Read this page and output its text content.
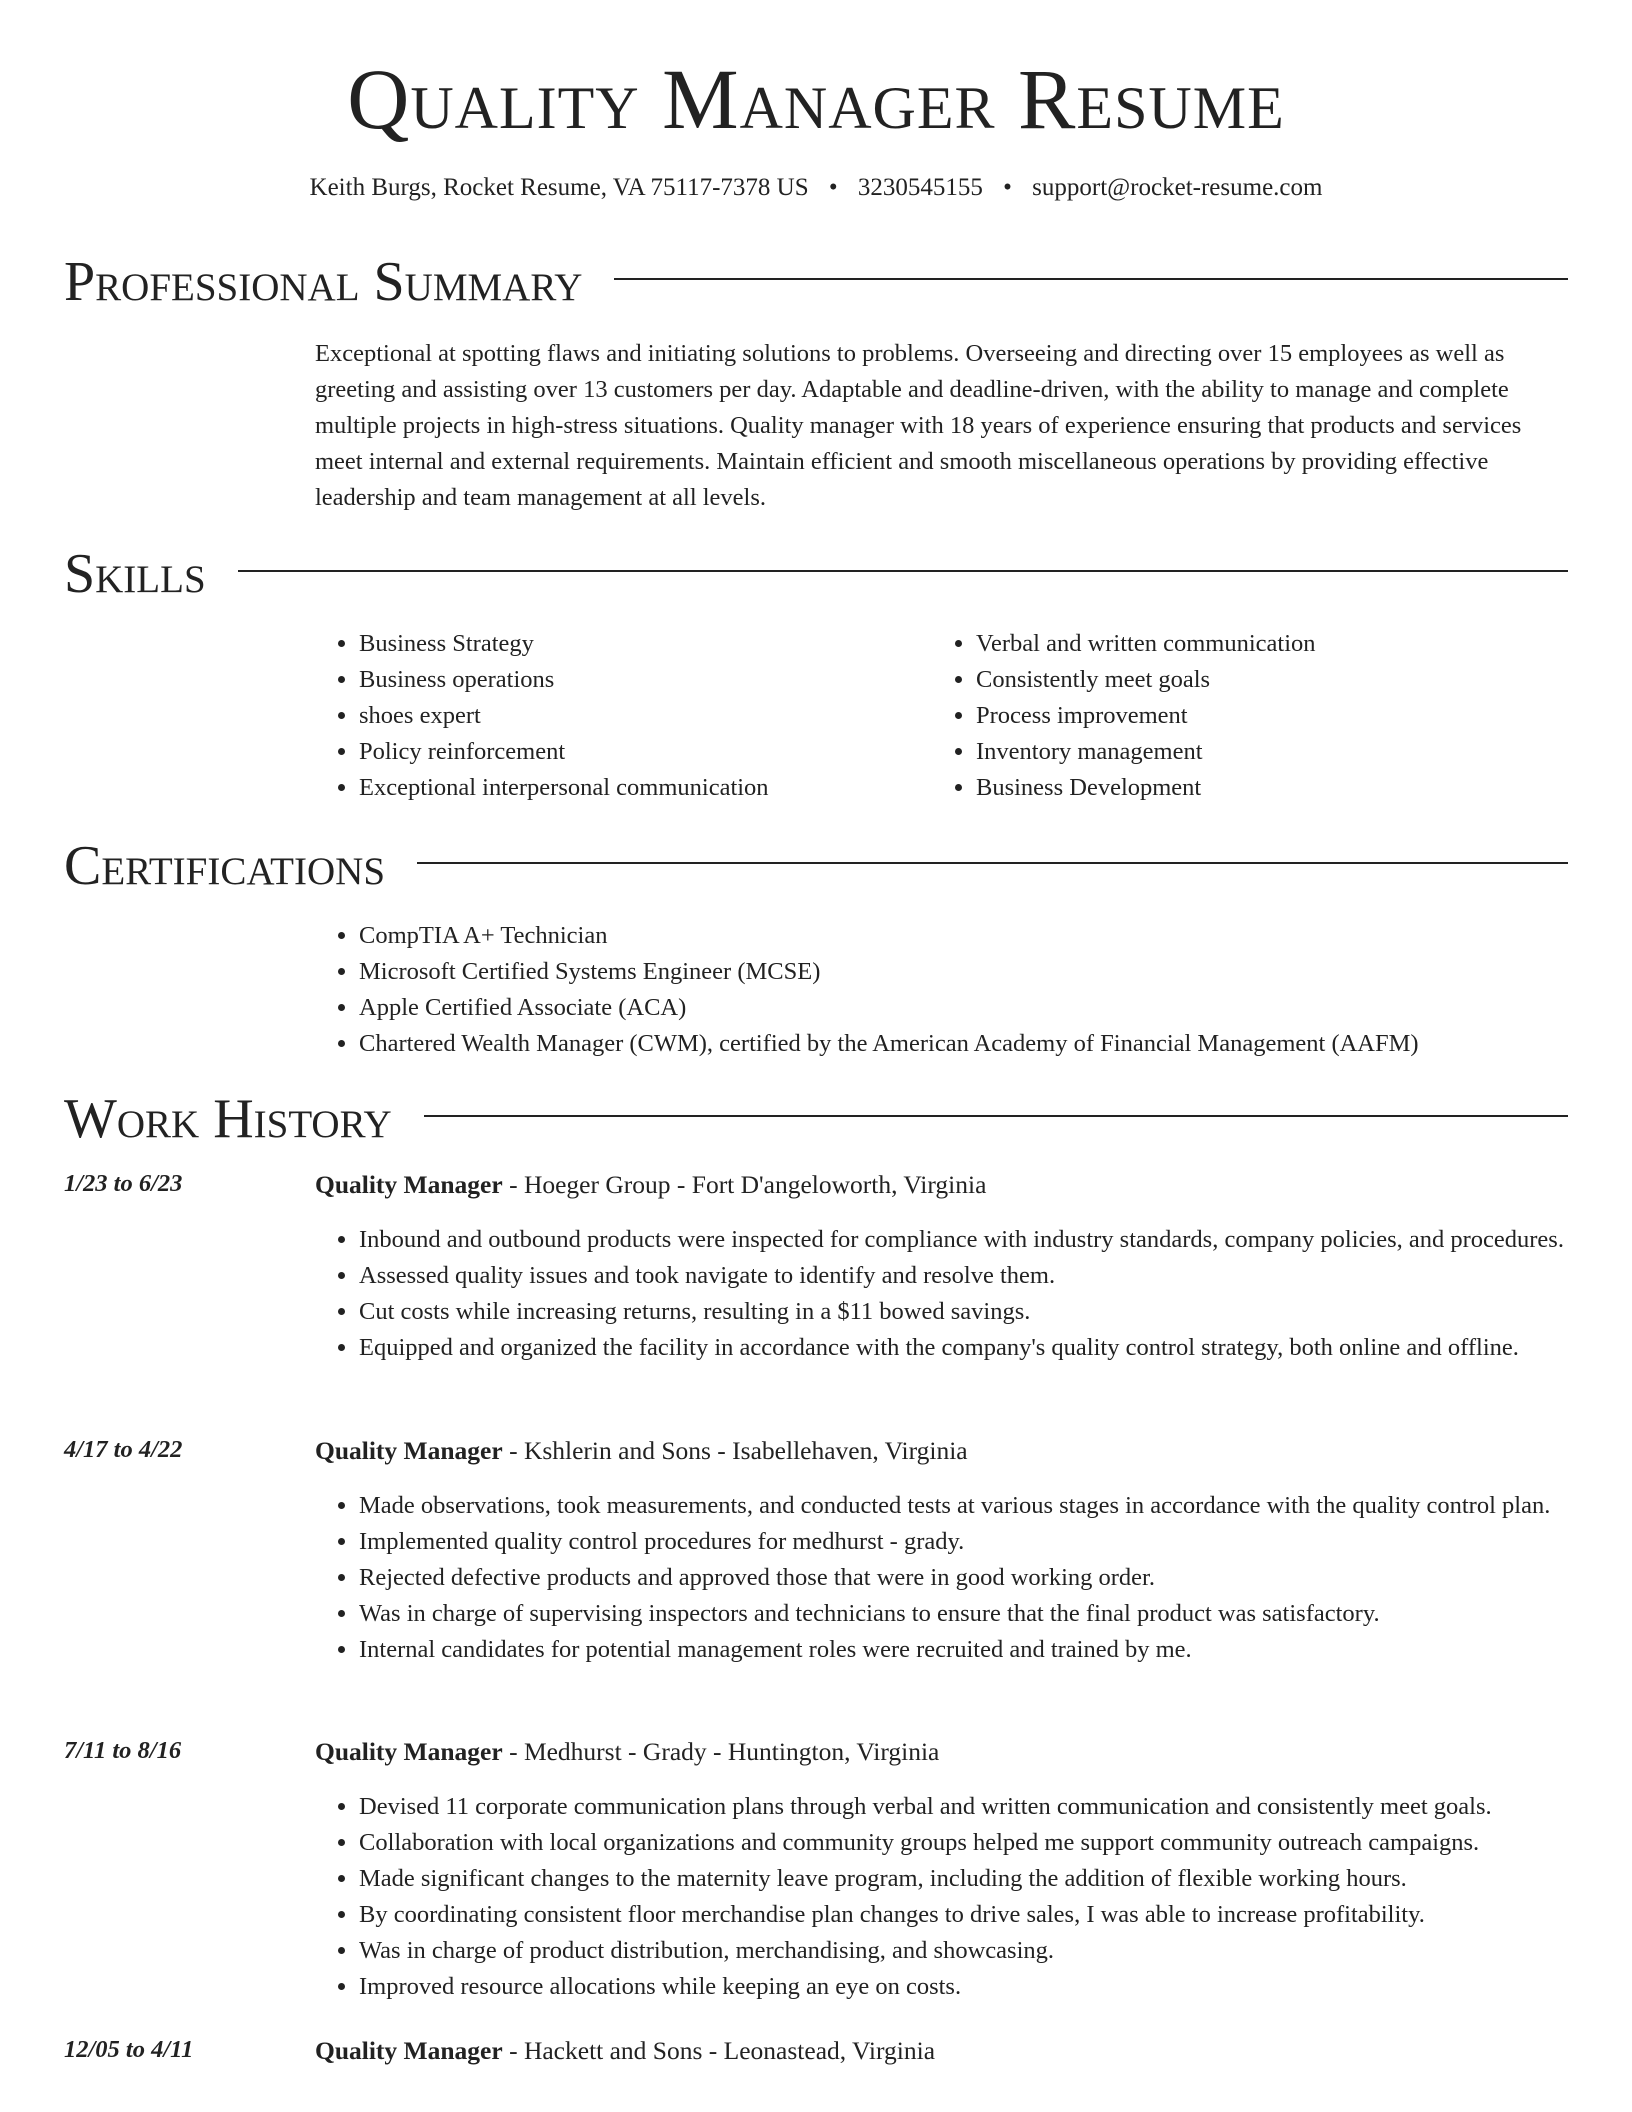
Quality Manager Resume
Keith Burgs, Rocket Resume, VA 75117-7378 US • 3230545155 • support@rocket-resume.com
Professional Summary
Exceptional at spotting flaws and initiating solutions to problems. Overseeing and directing over 15 employees as well as greeting and assisting over 13 customers per day. Adaptable and deadline-driven, with the ability to manage and complete multiple projects in high-stress situations. Quality manager with 18 years of experience ensuring that products and services meet internal and external requirements. Maintain efficient and smooth miscellaneous operations by providing effective leadership and team management at all levels.
Skills
• Business Strategy
• Business operations
• shoes expert
• Policy reinforcement
• Exceptional interpersonal communication
• Verbal and written communication
• Consistently meet goals
• Process improvement
• Inventory management
• Business Development
Certifications
• CompTIA A+ Technician
• Microsoft Certified Systems Engineer (MCSE)
• Apple Certified Associate (ACA)
• Chartered Wealth Manager (CWM), certified by the American Academy of Financial Management (AAFM)
Work History
1/23 to 6/23	Quality Manager - Hoeger Group - Fort D'angeloworth, Virginia
• Inbound and outbound products were inspected for compliance with industry standards, company policies, and procedures.
• Assessed quality issues and took navigate to identify and resolve them.
• Cut costs while increasing returns, resulting in a $11 bowed savings.
• Equipped and organized the facility in accordance with the company's quality control strategy, both online and offline.
4/17 to 4/22	Quality Manager - Kshlerin and Sons - Isabellehaven, Virginia
• Made observations, took measurements, and conducted tests at various stages in accordance with the quality control plan.
• Implemented quality control procedures for medhurst - grady.
• Rejected defective products and approved those that were in good working order.
• Was in charge of supervising inspectors and technicians to ensure that the final product was satisfactory.
• Internal candidates for potential management roles were recruited and trained by me.
7/11 to 8/16	Quality Manager - Medhurst - Grady - Huntington, Virginia
• Devised 11 corporate communication plans through verbal and written communication and consistently meet goals.
• Collaboration with local organizations and community groups helped me support community outreach campaigns.
• Made significant changes to the maternity leave program, including the addition of flexible working hours.
• By coordinating consistent floor merchandise plan changes to drive sales, I was able to increase profitability.
• Was in charge of product distribution, merchandising, and showcasing.
• Improved resource allocations while keeping an eye on costs.
12/05 to 4/11	Quality Manager - Hackett and Sons - Leonastead, Virginia
